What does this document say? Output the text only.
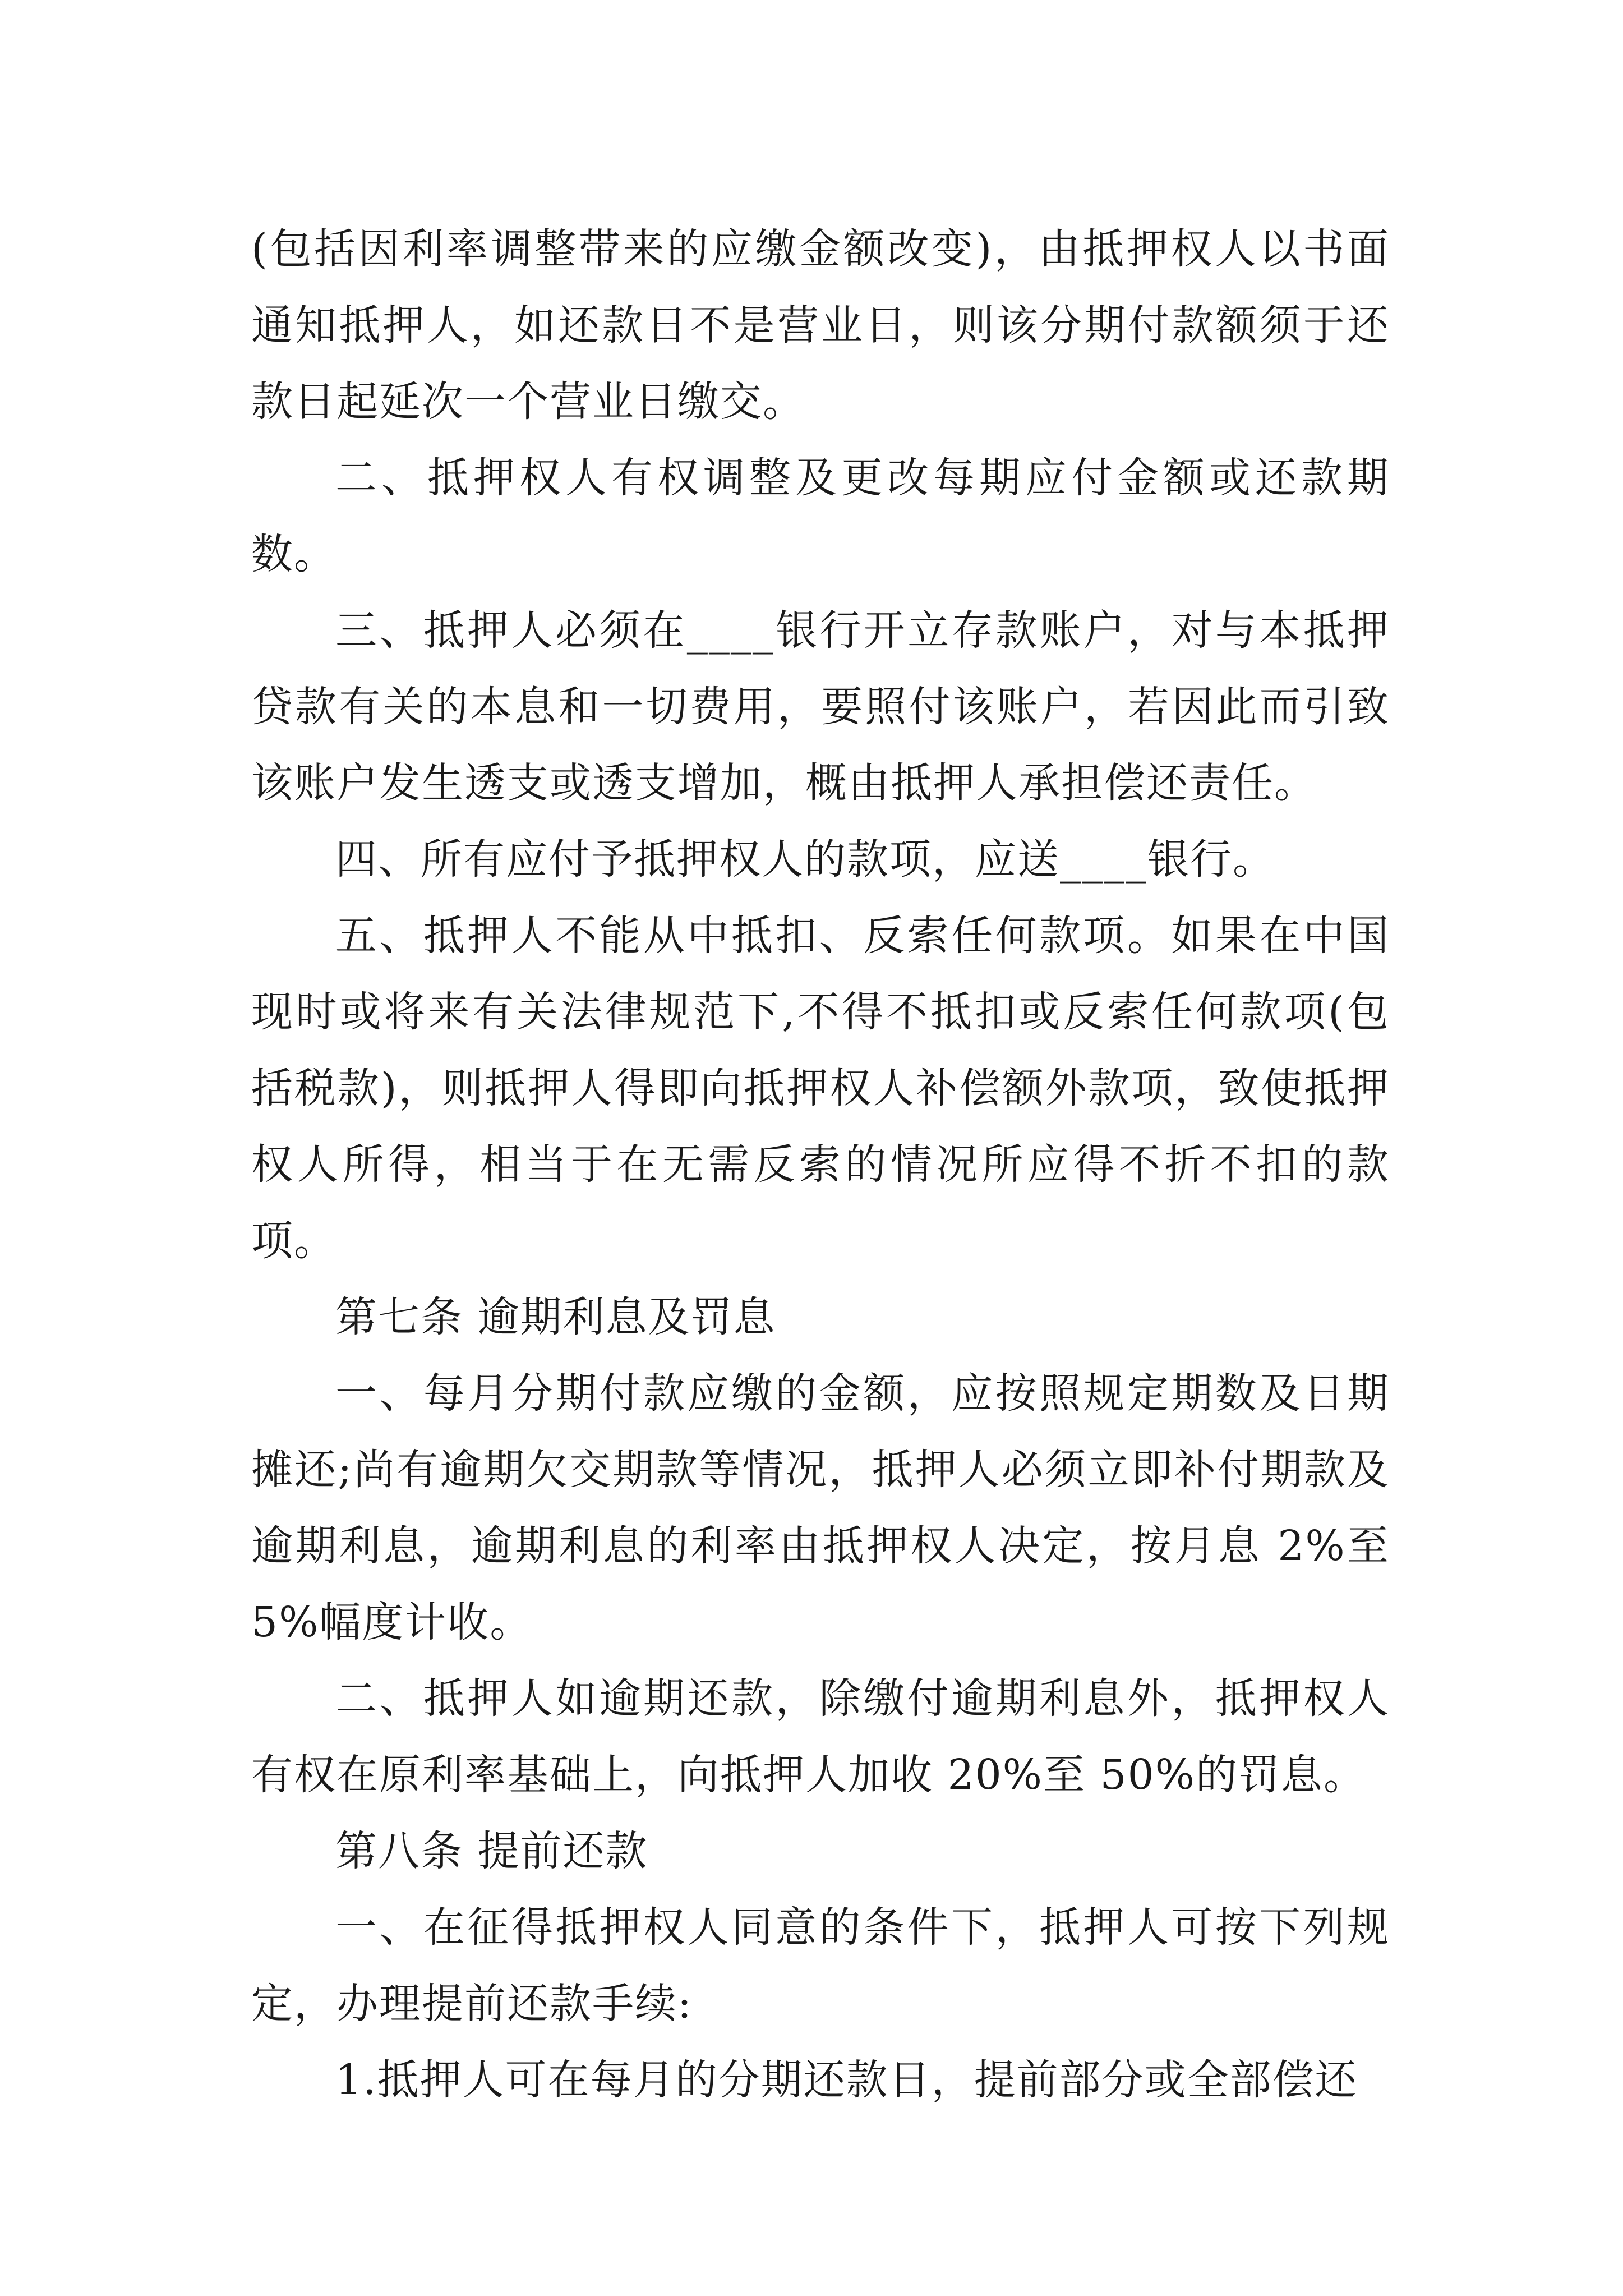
(包括因利率调整带来的应缴金额改变)，由抵押权人以书面通知抵押人，如还款日不是营业日，则该分期付款额须于还款日起延次一个营业日缴交。

二、抵押权人有权调整及更改每期应付金额或还款期数。

三、抵押人必须在____银行开立存款账户，对与本抵押贷款有关的本息和一切费用，要照付该账户，若因此而引致该账户发生透支或透支增加，概由抵押人承担偿还责任。

四、所有应付予抵押权人的款项，应送____银行。

五、抵押人不能从中抵扣、反索任何款项。如果在中国现时或将来有关法律规范下,不得不抵扣或反索任何款项(包括税款)，则抵押人得即向抵押权人补偿额外款项，致使抵押权人所得，相当于在无需反索的情况所应得不折不扣的款项。

第七条 逾期利息及罚息

一、每月分期付款应缴的金额，应按照规定期数及日期摊还;尚有逾期欠交期款等情况，抵押人必须立即补付期款及逾期利息，逾期利息的利率由抵押权人决定，按月息 2%至 5%幅度计收。

二、抵押人如逾期还款，除缴付逾期利息外，抵押权人有权在原利率基础上，向抵押人加收 20%至 50%的罚息。

第八条 提前还款

一、在征得抵押权人同意的条件下，抵押人可按下列规定，办理提前还款手续:

1.抵押人可在每月的分期还款日，提前部分或全部偿还
